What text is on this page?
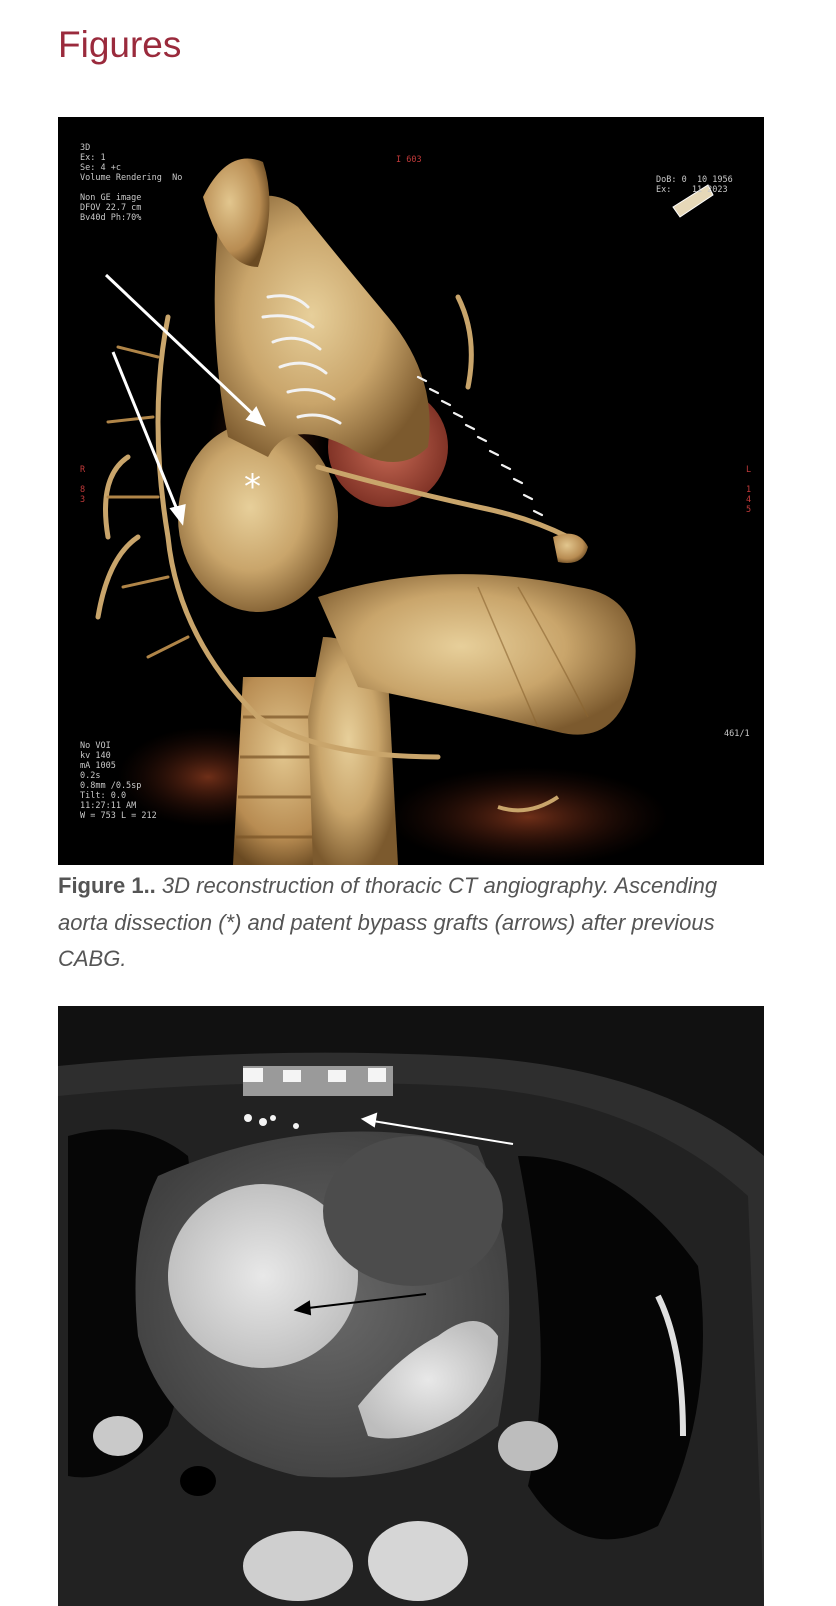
Figures
3D
Ex: 1
Se: 4 +c
Volume Rendering  No

Non GE image
DFOV 22.7 cm
Bv40d Ph:70%
I 603
DoB: 0  10 1956
Ex:    11 2023
No VOI
kv 140
mA 1005
0.2s
0.8mm /0.5sp
Tilt: 0.0
11:27:11 AM
W = 753 L = 212
461/1
R

8
3
L

1
4
5
*
Figure 1.. 3D reconstruction of thoracic CT angiography. Ascending aorta dissection (*) and patent bypass grafts (arrows) after previous CABG.
